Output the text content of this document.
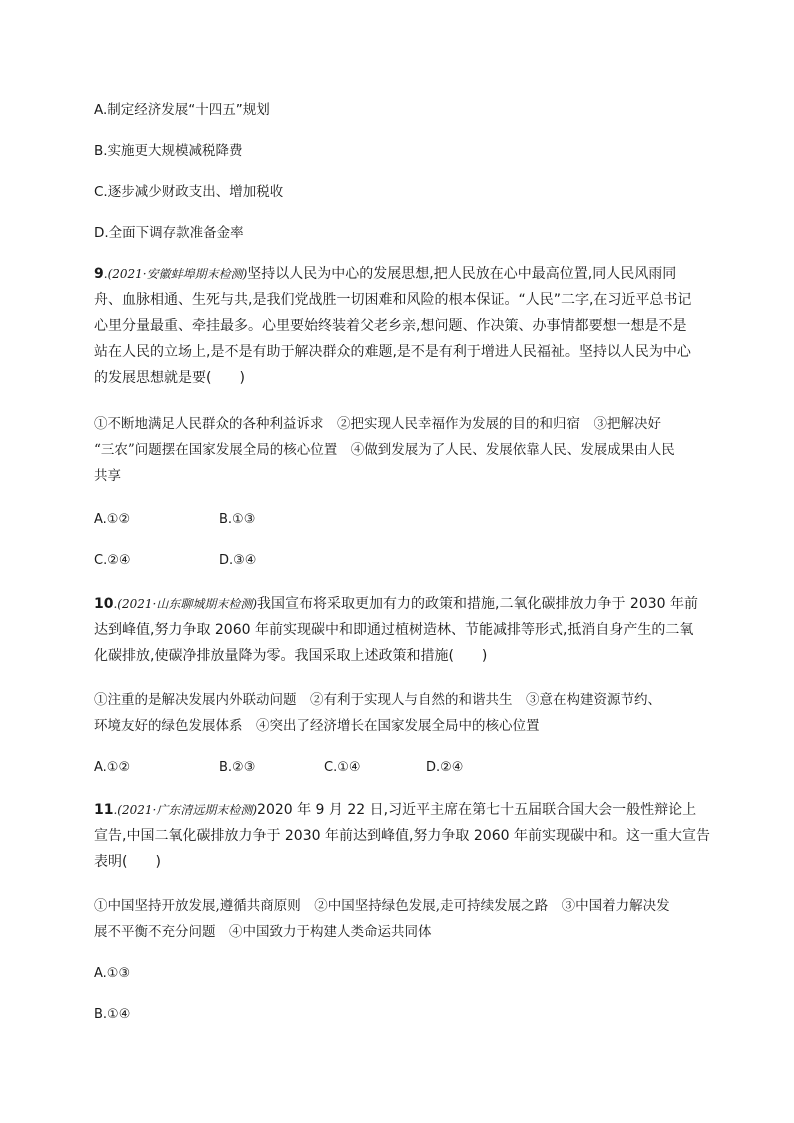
A.制定经济发展“十四五”规划
B.实施更大规模减税降费
C.逐步减少财政支出、增加税收
D.全面下调存款准备金率
9.(2021·安徽蚌埠期末检测)坚持以人民为中心的发展思想,把人民放在心中最高位置,同人民风雨同
舟、血脉相通、生死与共,是我们党战胜一切困难和风险的根本保证。“人民”二字,在习近平总书记
心里分量最重、牵挂最多。心里要始终装着父老乡亲,想问题、作决策、办事情都要想一想是不是
站在人民的立场上,是不是有助于解决群众的难题,是不是有利于增进人民福祉。坚持以人民为中心
的发展思想就是要(　　)
①不断地满足人民群众的各种利益诉求　②把实现人民幸福作为发展的目的和归宿　③把解决好
“三农”问题摆在国家发展全局的核心位置　④做到发展为了人民、发展依靠人民、发展成果由人民
共享
A.①②	B.①③
C.②④	D.③④
10.(2021·山东聊城期末检测)我国宣布将采取更加有力的政策和措施,二氧化碳排放力争于 2030 年前
达到峰值,努力争取 2060 年前实现碳中和即通过植树造林、节能减排等形式,抵消自身产生的二氧
化碳排放,使碳净排放量降为零。我国采取上述政策和措施(　　)
①注重的是解决发展内外联动问题　②有利于实现人与自然的和谐共生　③意在构建资源节约、
环境友好的绿色发展体系　④突出了经济增长在国家发展全局中的核心位置
A.①②	B.②③	C.①④	D.②④
11.(2021·广东清远期末检测)2020 年 9 月 22 日,习近平主席在第七十五届联合国大会一般性辩论上
宣告,中国二氧化碳排放力争于 2030 年前达到峰值,努力争取 2060 年前实现碳中和。这一重大宣告
表明(　　)
①中国坚持开放发展,遵循共商原则　②中国坚持绿色发展,走可持续发展之路　③中国着力解决发
展不平衡不充分问题　④中国致力于构建人类命运共同体
A.①③
B.①④
